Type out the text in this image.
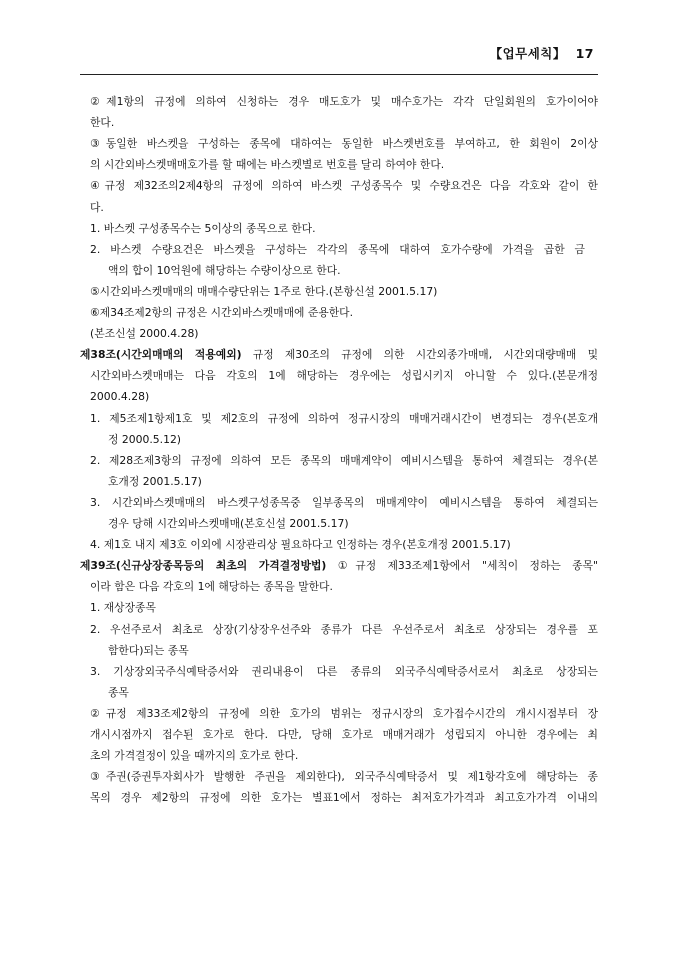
【업무세칙】 17
②제1항의 규정에 의하여 신청하는 경우 매도호가 및 매수호가는 각각 단일회원의 호가이어야
한다.
③동일한 바스켓을 구성하는 종목에 대하여는 동일한 바스켓번호를 부여하고, 한 회원이 2이상
의 시간외바스켓매매호가를 할 때에는 바스켓별로 번호를 달리 하여야 한다.
④규정 제32조의2제4항의 규정에 의하여 바스켓 구성종목수 및 수량요건은 다음 각호와 같이 한
다.
1. 바스켓 구성종목수는 5이상의 종목으로 한다.
2. 바스켓 수량요건은 바스켓을 구성하는 각각의 종목에 대하여 호가수량에 가격을 곱한 금
액의 합이 10억원에 해당하는 수량이상으로 한다.
⑤시간외바스켓매매의 매매수량단위는 1주로 한다.(본항신설 2001.5.17)
⑥제34조제2항의 규정은 시간외바스켓매매에 준용한다.
(본조신설 2000.4.28)
제38조(시간외매매의 적용예외) 규정 제30조의 규정에 의한 시간외종가매매, 시간외대량매매 및
시간외바스켓매매는 다음 각호의 1에 해당하는 경우에는 성립시키지 아니할 수 있다.(본문개정
2000.4.28)
1. 제5조제1항제1호 및 제2호의 규정에 의하여 정규시장의 매매거래시간이 변경되는 경우(본호개
정 2000.5.12)
2. 제28조제3항의 규정에 의하여 모든 종목의 매매계약이 예비시스템을 통하여 체결되는 경우(본
호개정 2001.5.17)
3. 시간외바스켓매매의 바스켓구성종목중 일부종목의 매매계약이 예비시스템을 통하여 체결되는
경우 당해 시간외바스켓매매(본호신설 2001.5.17)
4. 제1호 내지 제3호 이외에 시장관리상 필요하다고 인정하는 경우(본호개정 2001.5.17)
제39조(신규상장종목등의 최초의 가격결정방법) ①규정 제33조제1항에서 "세칙이 정하는 종목"
이라 함은 다음 각호의 1에 해당하는 종목을 말한다.
1. 재상장종목
2. 우선주로서 최초로 상장(기상장우선주와 종류가 다른 우선주로서 최초로 상장되는 경우를 포
함한다)되는 종목
3. 기상장외국주식예탁증서와 권리내용이 다른 종류의 외국주식예탁증서로서 최초로 상장되는
종목
②규정 제33조제2항의 규정에 의한 호가의 범위는 정규시장의 호가접수시간의 개시시점부터 장
개시시점까지 접수된 호가로 한다. 다만, 당해 호가로 매매거래가 성립되지 아니한 경우에는 최
초의 가격결정이 있을 때까지의 호가로 한다.
③주권(증권투자회사가 발행한 주권을 제외한다), 외국주식예탁증서 및 제1항각호에 해당하는 종
목의 경우 제2항의 규정에 의한 호가는 별표1에서 정하는 최저호가가격과 최고호가가격 이내의
